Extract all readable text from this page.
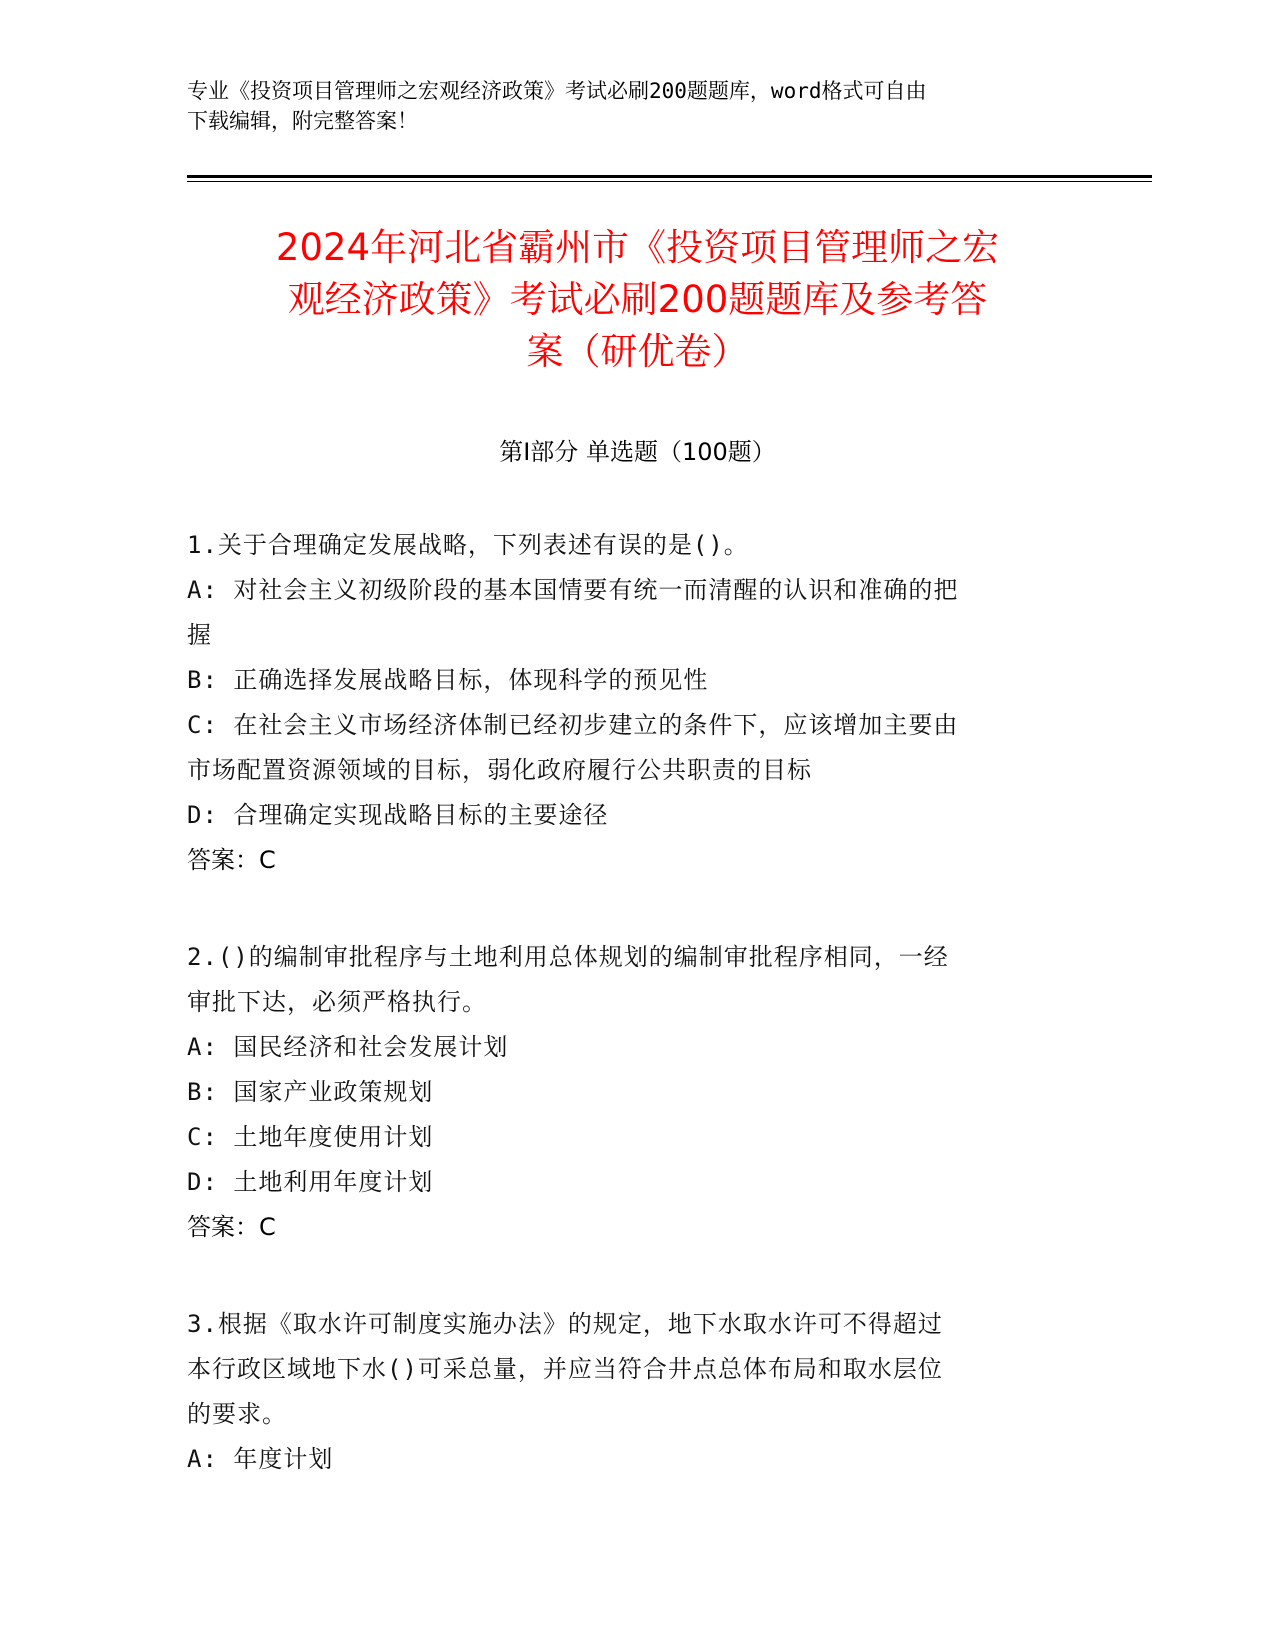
专业《投资项目管理师之宏观经济政策》考试必刷200题题库，word格式可自由
下载编辑，附完整答案！
2024年河北省霸州市《投资项目管理师之宏
观经济政策》考试必刷200题题库及参考答
案（研优卷）
第Ⅰ部分 单选题（100题）
1.关于合理确定发展战略，下列表述有误的是()。
A: 对社会主义初级阶段的基本国情要有统一而清醒的认识和准确的把
握
B: 正确选择发展战略目标，体现科学的预见性
C: 在社会主义市场经济体制已经初步建立的条件下，应该增加主要由
市场配置资源领域的目标，弱化政府履行公共职责的目标
D: 合理确定实现战略目标的主要途径
答案：C
2.()的编制审批程序与土地利用总体规划的编制审批程序相同，一经
审批下达，必须严格执行。
A: 国民经济和社会发展计划
B: 国家产业政策规划
C: 土地年度使用计划
D: 土地利用年度计划
答案：C
3.根据《取水许可制度实施办法》的规定，地下水取水许可不得超过
本行政区域地下水()可采总量，并应当符合井点总体布局和取水层位
的要求。
A: 年度计划
